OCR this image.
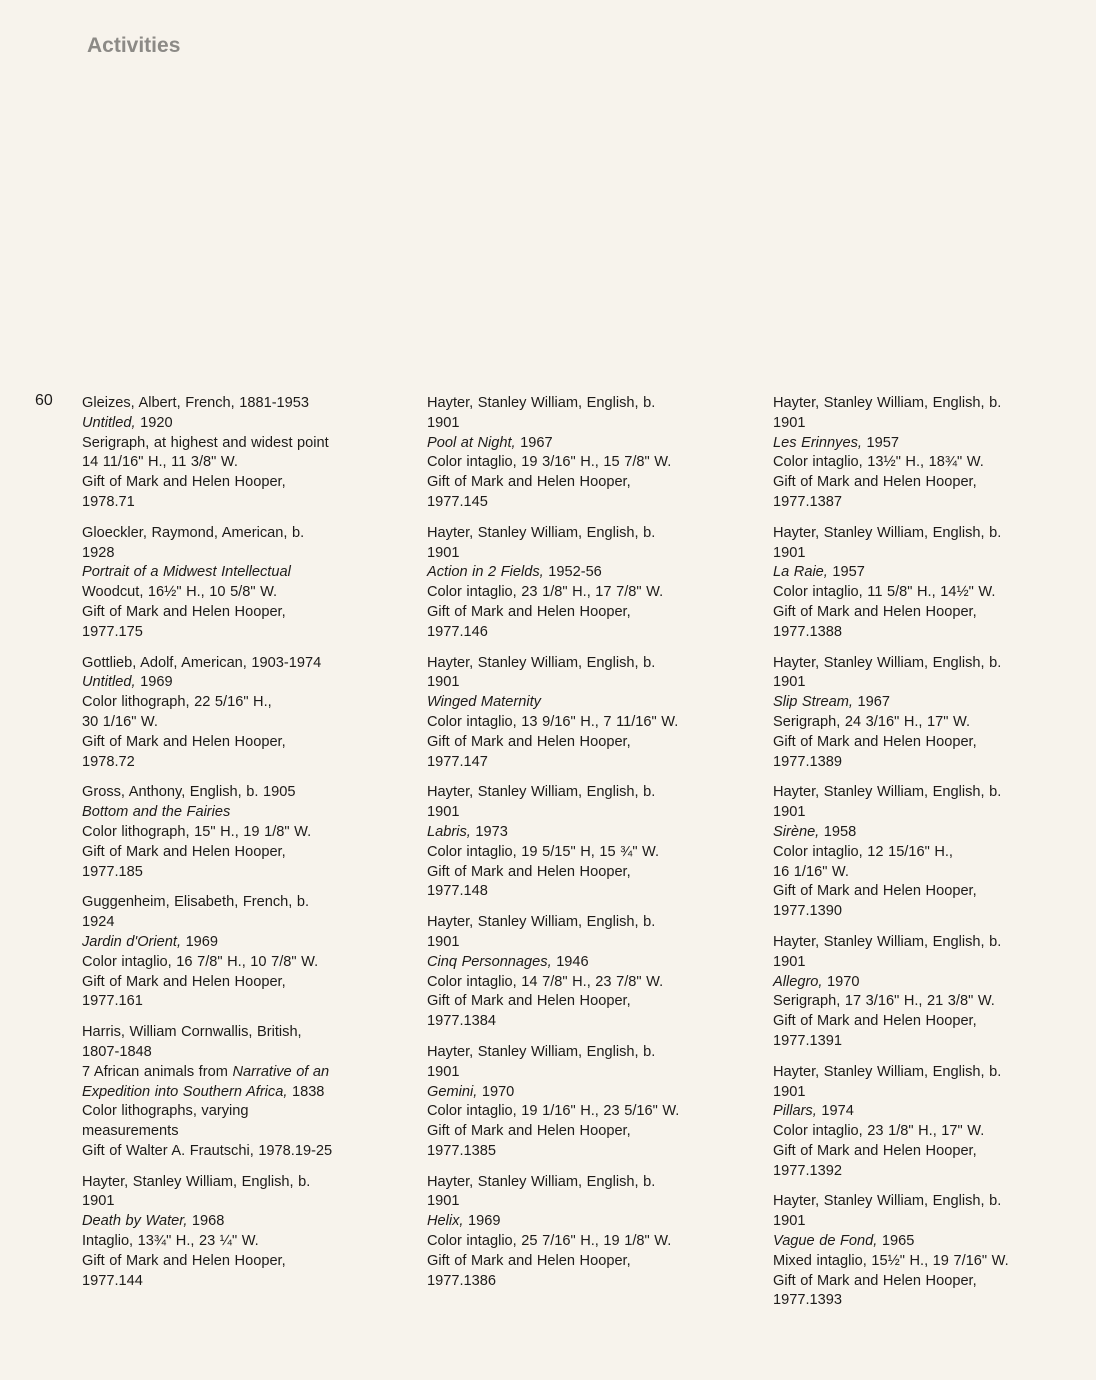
Activities
60 Gleizes, Albert, French, 1881-1953
Untitled, 1920
Serigraph, at highest and widest point
14 11/16" H., 11 3/8" W.
Gift of Mark and Helen Hooper,
1978.71
Gloeckler, Raymond, American, b.
1928
Portrait of a Midwest Intellectual
Woodcut, 16½" H., 10 5/8" W.
Gift of Mark and Helen Hooper,
1977.175
Gottlieb, Adolf, American, 1903-1974
Untitled, 1969
Color lithograph, 22 5/16" H.,
30 1/16" W.
Gift of Mark and Helen Hooper,
1978.72
Gross, Anthony, English, b. 1905
Bottom and the Fairies
Color lithograph, 15" H., 19 1/8" W.
Gift of Mark and Helen Hooper,
1977.185
Guggenheim, Elisabeth, French, b.
1924
Jardin d'Orient, 1969
Color intaglio, 16 7/8" H., 10 7/8" W.
Gift of Mark and Helen Hooper,
1977.161
Harris, William Cornwallis, British,
1807-1848
7 African animals from Narrative of an
Expedition into Southern Africa, 1838
Color lithographs, varying
measurements
Gift of Walter A. Frautschi, 1978.19-25
Hayter, Stanley William, English, b.
1901
Death by Water, 1968
Intaglio, 13¾" H., 23 ¼" W.
Gift of Mark and Helen Hooper,
1977.144
Hayter, Stanley William, English, b.
1901
Pool at Night, 1967
Color intaglio, 19 3/16" H., 15 7/8" W.
Gift of Mark and Helen Hooper,
1977.145
Hayter, Stanley William, English, b.
1901
Action in 2 Fields, 1952-56
Color intaglio, 23 1/8" H., 17 7/8" W.
Gift of Mark and Helen Hooper,
1977.146
Hayter, Stanley William, English, b.
1901
Winged Maternity
Color intaglio, 13 9/16" H., 7 11/16" W.
Gift of Mark and Helen Hooper,
1977.147
Hayter, Stanley William, English, b.
1901
Labris, 1973
Color intaglio, 19 5/15" H, 15 ¾" W.
Gift of Mark and Helen Hooper,
1977.148
Hayter, Stanley William, English, b.
1901
Cinq Personnages, 1946
Color intaglio, 14 7/8" H., 23 7/8" W.
Gift of Mark and Helen Hooper,
1977.1384
Hayter, Stanley William, English, b.
1901
Gemini, 1970
Color intaglio, 19 1/16" H., 23 5/16" W.
Gift of Mark and Helen Hooper,
1977.1385
Hayter, Stanley William, English, b.
1901
Helix, 1969
Color intaglio, 25 7/16" H., 19 1/8" W.
Gift of Mark and Helen Hooper,
1977.1386
Hayter, Stanley William, English, b.
1901
Les Erinnyes, 1957
Color intaglio, 13½" H., 18¾" W.
Gift of Mark and Helen Hooper,
1977.1387
Hayter, Stanley William, English, b.
1901
La Raie, 1957
Color intaglio, 11 5/8" H., 14½" W.
Gift of Mark and Helen Hooper,
1977.1388
Hayter, Stanley William, English, b.
1901
Slip Stream, 1967
Serigraph, 24 3/16" H., 17" W.
Gift of Mark and Helen Hooper,
1977.1389
Hayter, Stanley William, English, b.
1901
Sirène, 1958
Color intaglio, 12 15/16" H.,
16 1/16" W.
Gift of Mark and Helen Hooper,
1977.1390
Hayter, Stanley William, English, b.
1901
Allegro, 1970
Serigraph, 17 3/16" H., 21 3/8" W.
Gift of Mark and Helen Hooper,
1977.1391
Hayter, Stanley William, English, b.
1901
Pillars, 1974
Color intaglio, 23 1/8" H., 17" W.
Gift of Mark and Helen Hooper,
1977.1392
Hayter, Stanley William, English, b.
1901
Vague de Fond, 1965
Mixed intaglio, 15½" H., 19 7/16" W.
Gift of Mark and Helen Hooper,
1977.1393
